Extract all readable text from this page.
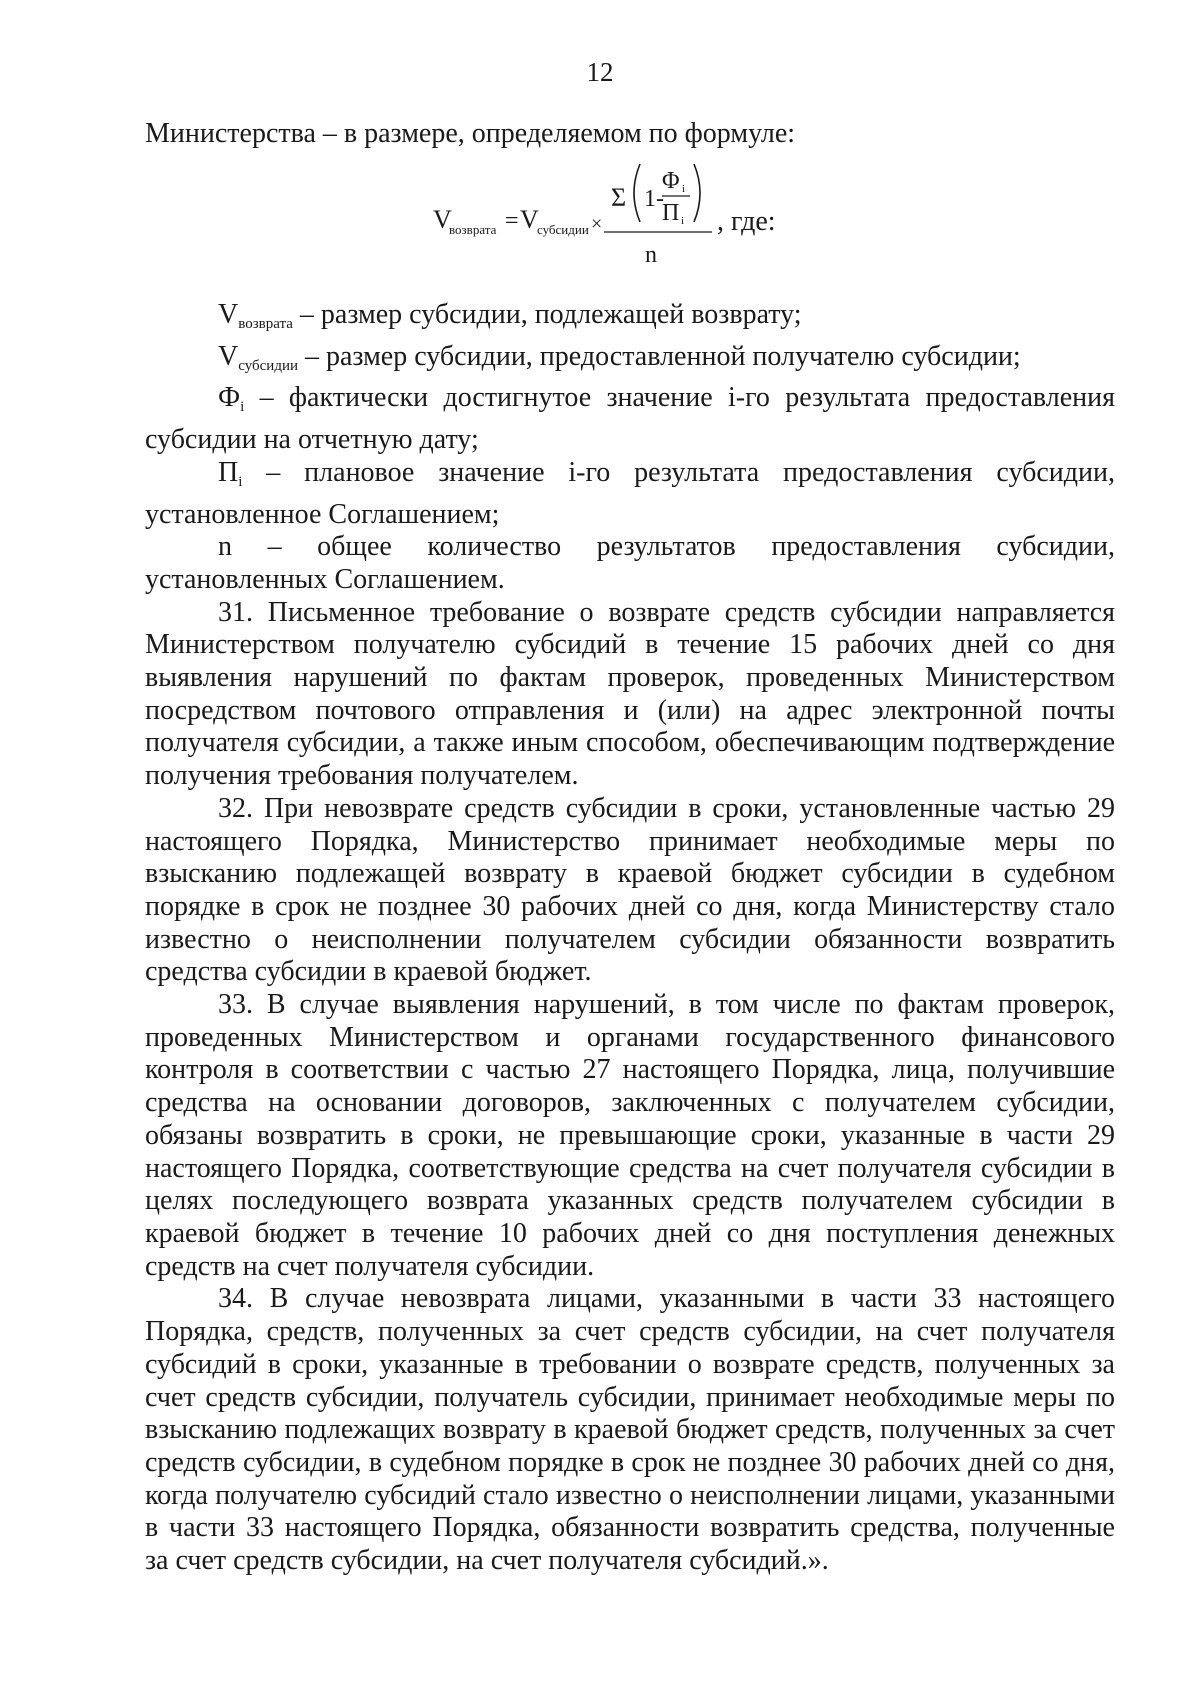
12
Министерства – в размере, определяемом по формуле:
V
возврата = V
субсидии ×
Σ 1-
Φ i
П i
n
, где:

$V_{возврата}$ – размер субсидии, подлежащей возврату;

$V_{субсидии}$ – размер субсидии, предоставленной получателю субсидии;

$Ф_i$ – фактически достигнутое значение i-го результата предоставления субсидии на отчетную дату;

$П_i$ – плановое значение i-го результата предоставления субсидии, установленное Соглашением;

n – общее количество результатов предоставления субсидии, установленных Соглашением.

31. Письменное требование о возврате средств субсидии направляется Министерством получателю субсидий в течение 15 рабочих дней со дня выявления нарушений по фактам проверок, проведенных Министерством посредством почтового отправления и (или) на адрес электронной почты получателя субсидии, а также иным способом, обеспечивающим подтверждение получения требования получателем.

32. При невозврате средств субсидии в сроки, установленные частью 29 настоящего Порядка, Министерство принимает необходимые меры по взысканию подлежащей возврату в краевой бюджет субсидии в судебном порядке в срок не позднее 30 рабочих дней со дня, когда Министерству стало известно о неисполнении получателем субсидии обязанности возвратить средства субсидии в краевой бюджет.

33. В случае выявления нарушений, в том числе по фактам проверок, проведенных Министерством и органами государственного финансового контроля в соответствии с частью 27 настоящего Порядка, лица, получившие средства на основании договоров, заключенных с получателем субсидии, обязаны возвратить в сроки, не превышающие сроки, указанные в части 29 настоящего Порядка, соответствующие средства на счет получателя субсидии в целях последующего возврата указанных средств получателем субсидии в краевой бюджет в течение 10 рабочих дней со дня поступления денежных средств на счет получателя субсидии.

34. В случае невозврата лицами, указанными в части 33 настоящего Порядка, средств, полученных за счет средств субсидии, на счет получателя субсидий в сроки, указанные в требовании о возврате средств, полученных за счет средств субсидии, получатель субсидии, принимает необходимые меры по взысканию подлежащих возврату в краевой бюджет средств, полученных за счет средств субсидии, в судебном порядке в срок не позднее 30 рабочих дней со дня, когда получателю субсидий стало известно о неисполнении лицами, указанными в части 33 настоящего Порядка, обязанности возвратить средства, полученные за счет средств субсидии, на счет получателя субсидий.».
